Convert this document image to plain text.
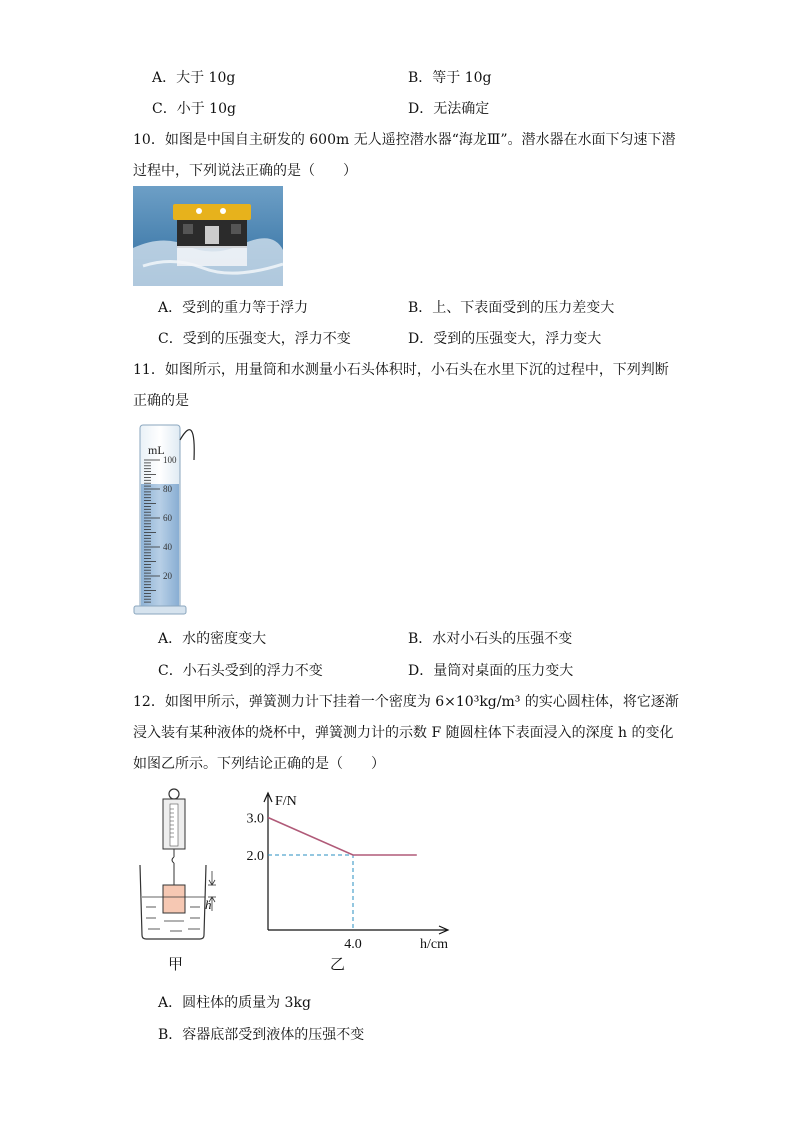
A．大于 10g	B．等于 10g
C．小于 10g	D．无法确定
10．如图是中国自主研发的 600m 无人遥控潜水器“海龙Ⅲ”。潜水器在水面下匀速下潜
过程中，下列说法正确的是（　　）
A．受到的重力等于浮力	B．上、下表面受到的压力差变大
C．受到的压强变大，浮力不变	D．受到的压强变大，浮力变大
11．如图所示，用量筒和水测量小石头体积时，小石头在水里下沉的过程中，下列判断
正确的是
mL
100
80
60
40
20
A．水的密度变大	B．水对小石头的压强不变
C．小石头受到的浮力不变	D．量筒对桌面的压力变大
12．如图甲所示，弹簧测力计下挂着一个密度为 6×10³kg/m³ 的实心圆柱体，将它逐渐
浸入装有某种液体的烧杯中，弹簧测力计的示数 F 随圆柱体下表面浸入的深度 h 的变化
如图乙所示。下列结论正确的是（　　）
h
甲
F/N
h/cm
3.0
2.0
4.0
乙
A．圆柱体的质量为 3kg
B．容器底部受到液体的压强不变
